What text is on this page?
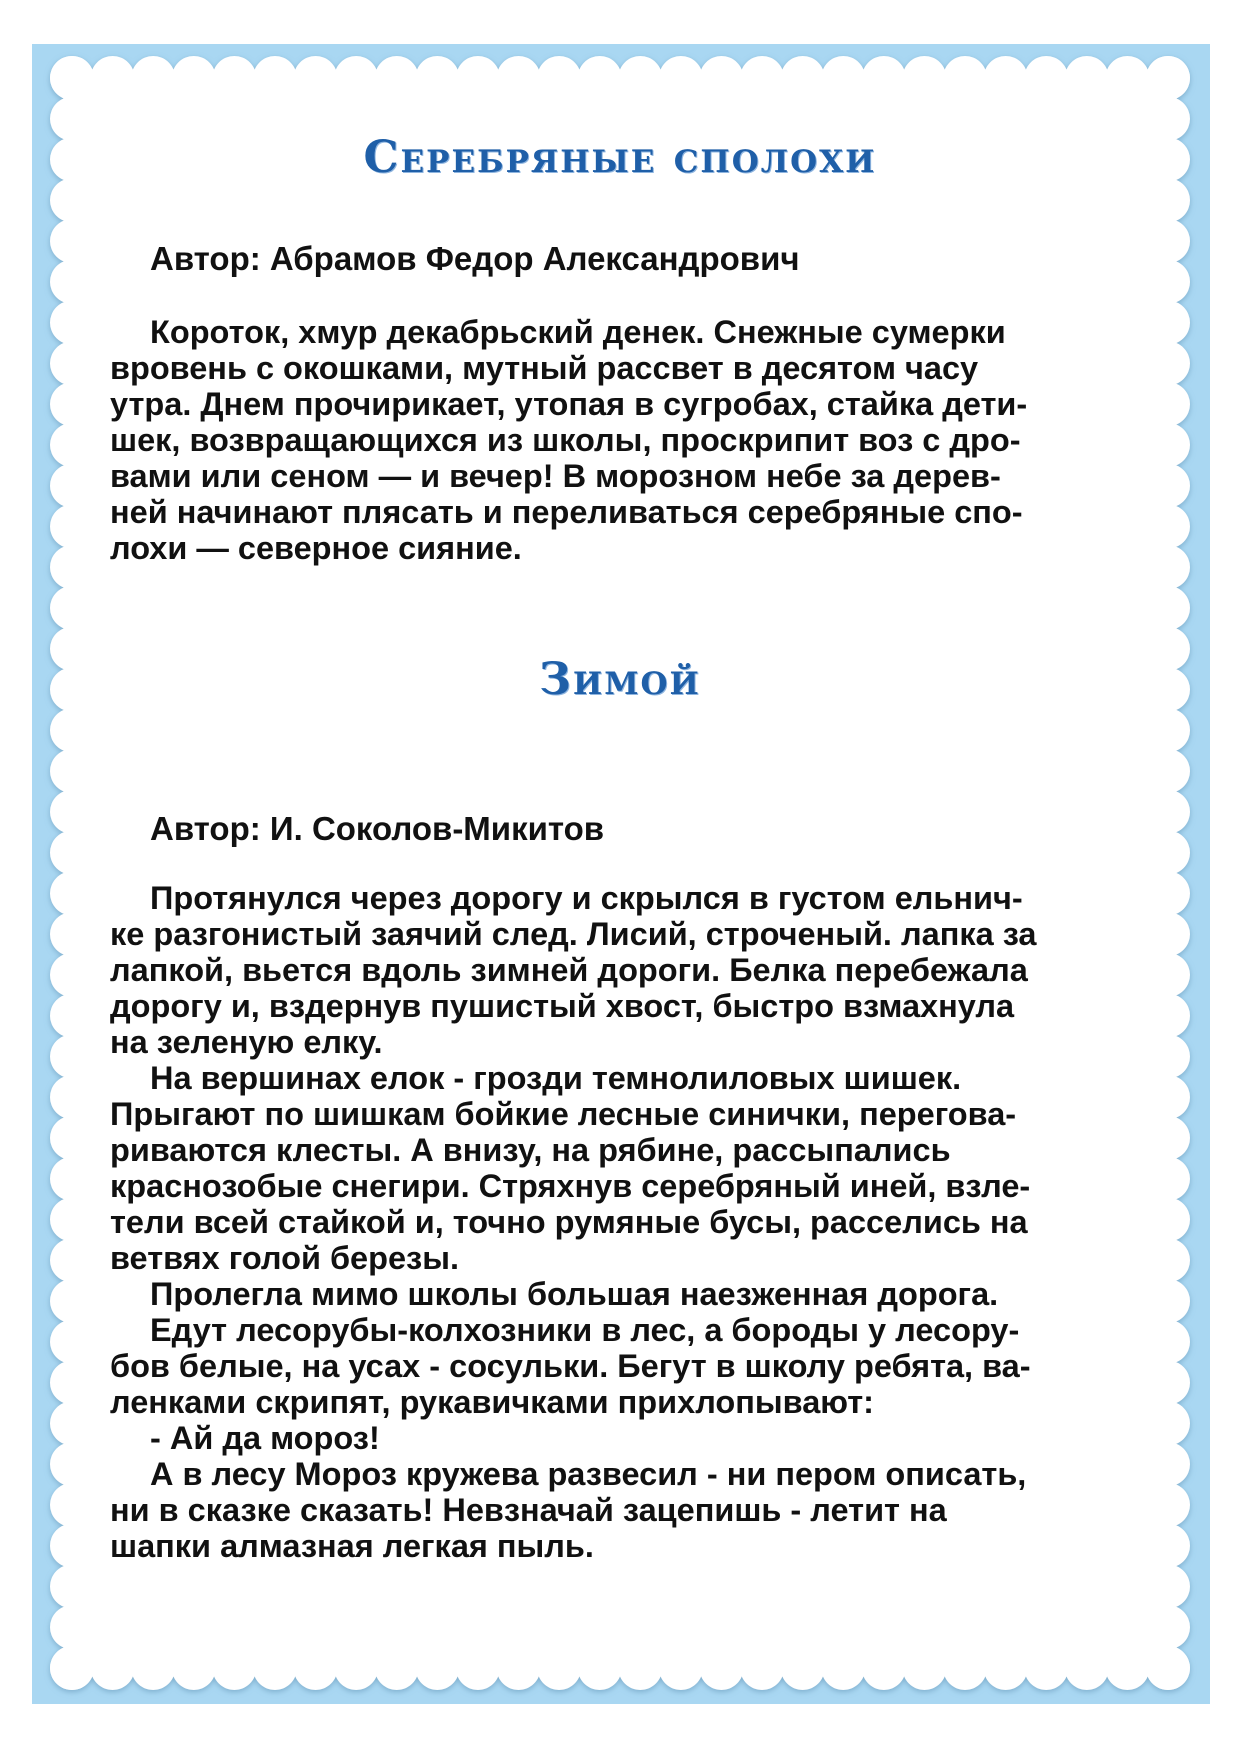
Серебряные сполохи
Автор: Абрамов Федор Александрович
Короток, хмур декабрьский денек. Снежные сумерки
вровень с окошками, мутный рассвет в десятом часу
утра. Днем прочирикает, утопая в сугробах, стайка дети-
шек, возвращающихся из школы, проскрипит воз с дро-
вами или сеном — и вечер! В морозном небе за дерев-
ней начинают плясать и переливаться серебряные спо-
лохи — северное сияние.
Зимой
Автор: И. Соколов-Микитов
Протянулся через дорогу и скрылся в густом ельнич-
ке разгонистый заячий след. Лисий, строченый. лапка за
лапкой, вьется вдоль зимней дороги. Белка перебежала
дорогу и, вздернув пушистый хвост, быстро взмахнула
на зеленую елку.
На вершинах елок - грозди темнолиловых шишек.
Прыгают по шишкам бойкие лесные синички, перегова-
риваются клесты. А внизу, на рябине, рассыпались
краснозобые снегири. Стряхнув серебряный иней, взле-
тели всей стайкой и, точно румяные бусы, расселись на
ветвях голой березы.
Пролегла мимо школы большая наезженная дорога.
Едут лесорубы-колхозники в лес, а бороды у лесору-
бов белые, на усах - сосульки. Бегут в школу ребята, ва-
ленками скрипят, рукавичками прихлопывают:
- Ай да мороз!
А в лесу Мороз кружева развесил - ни пером описать,
ни в сказке сказать! Невзначай зацепишь - летит на
шапки алмазная легкая пыль.
